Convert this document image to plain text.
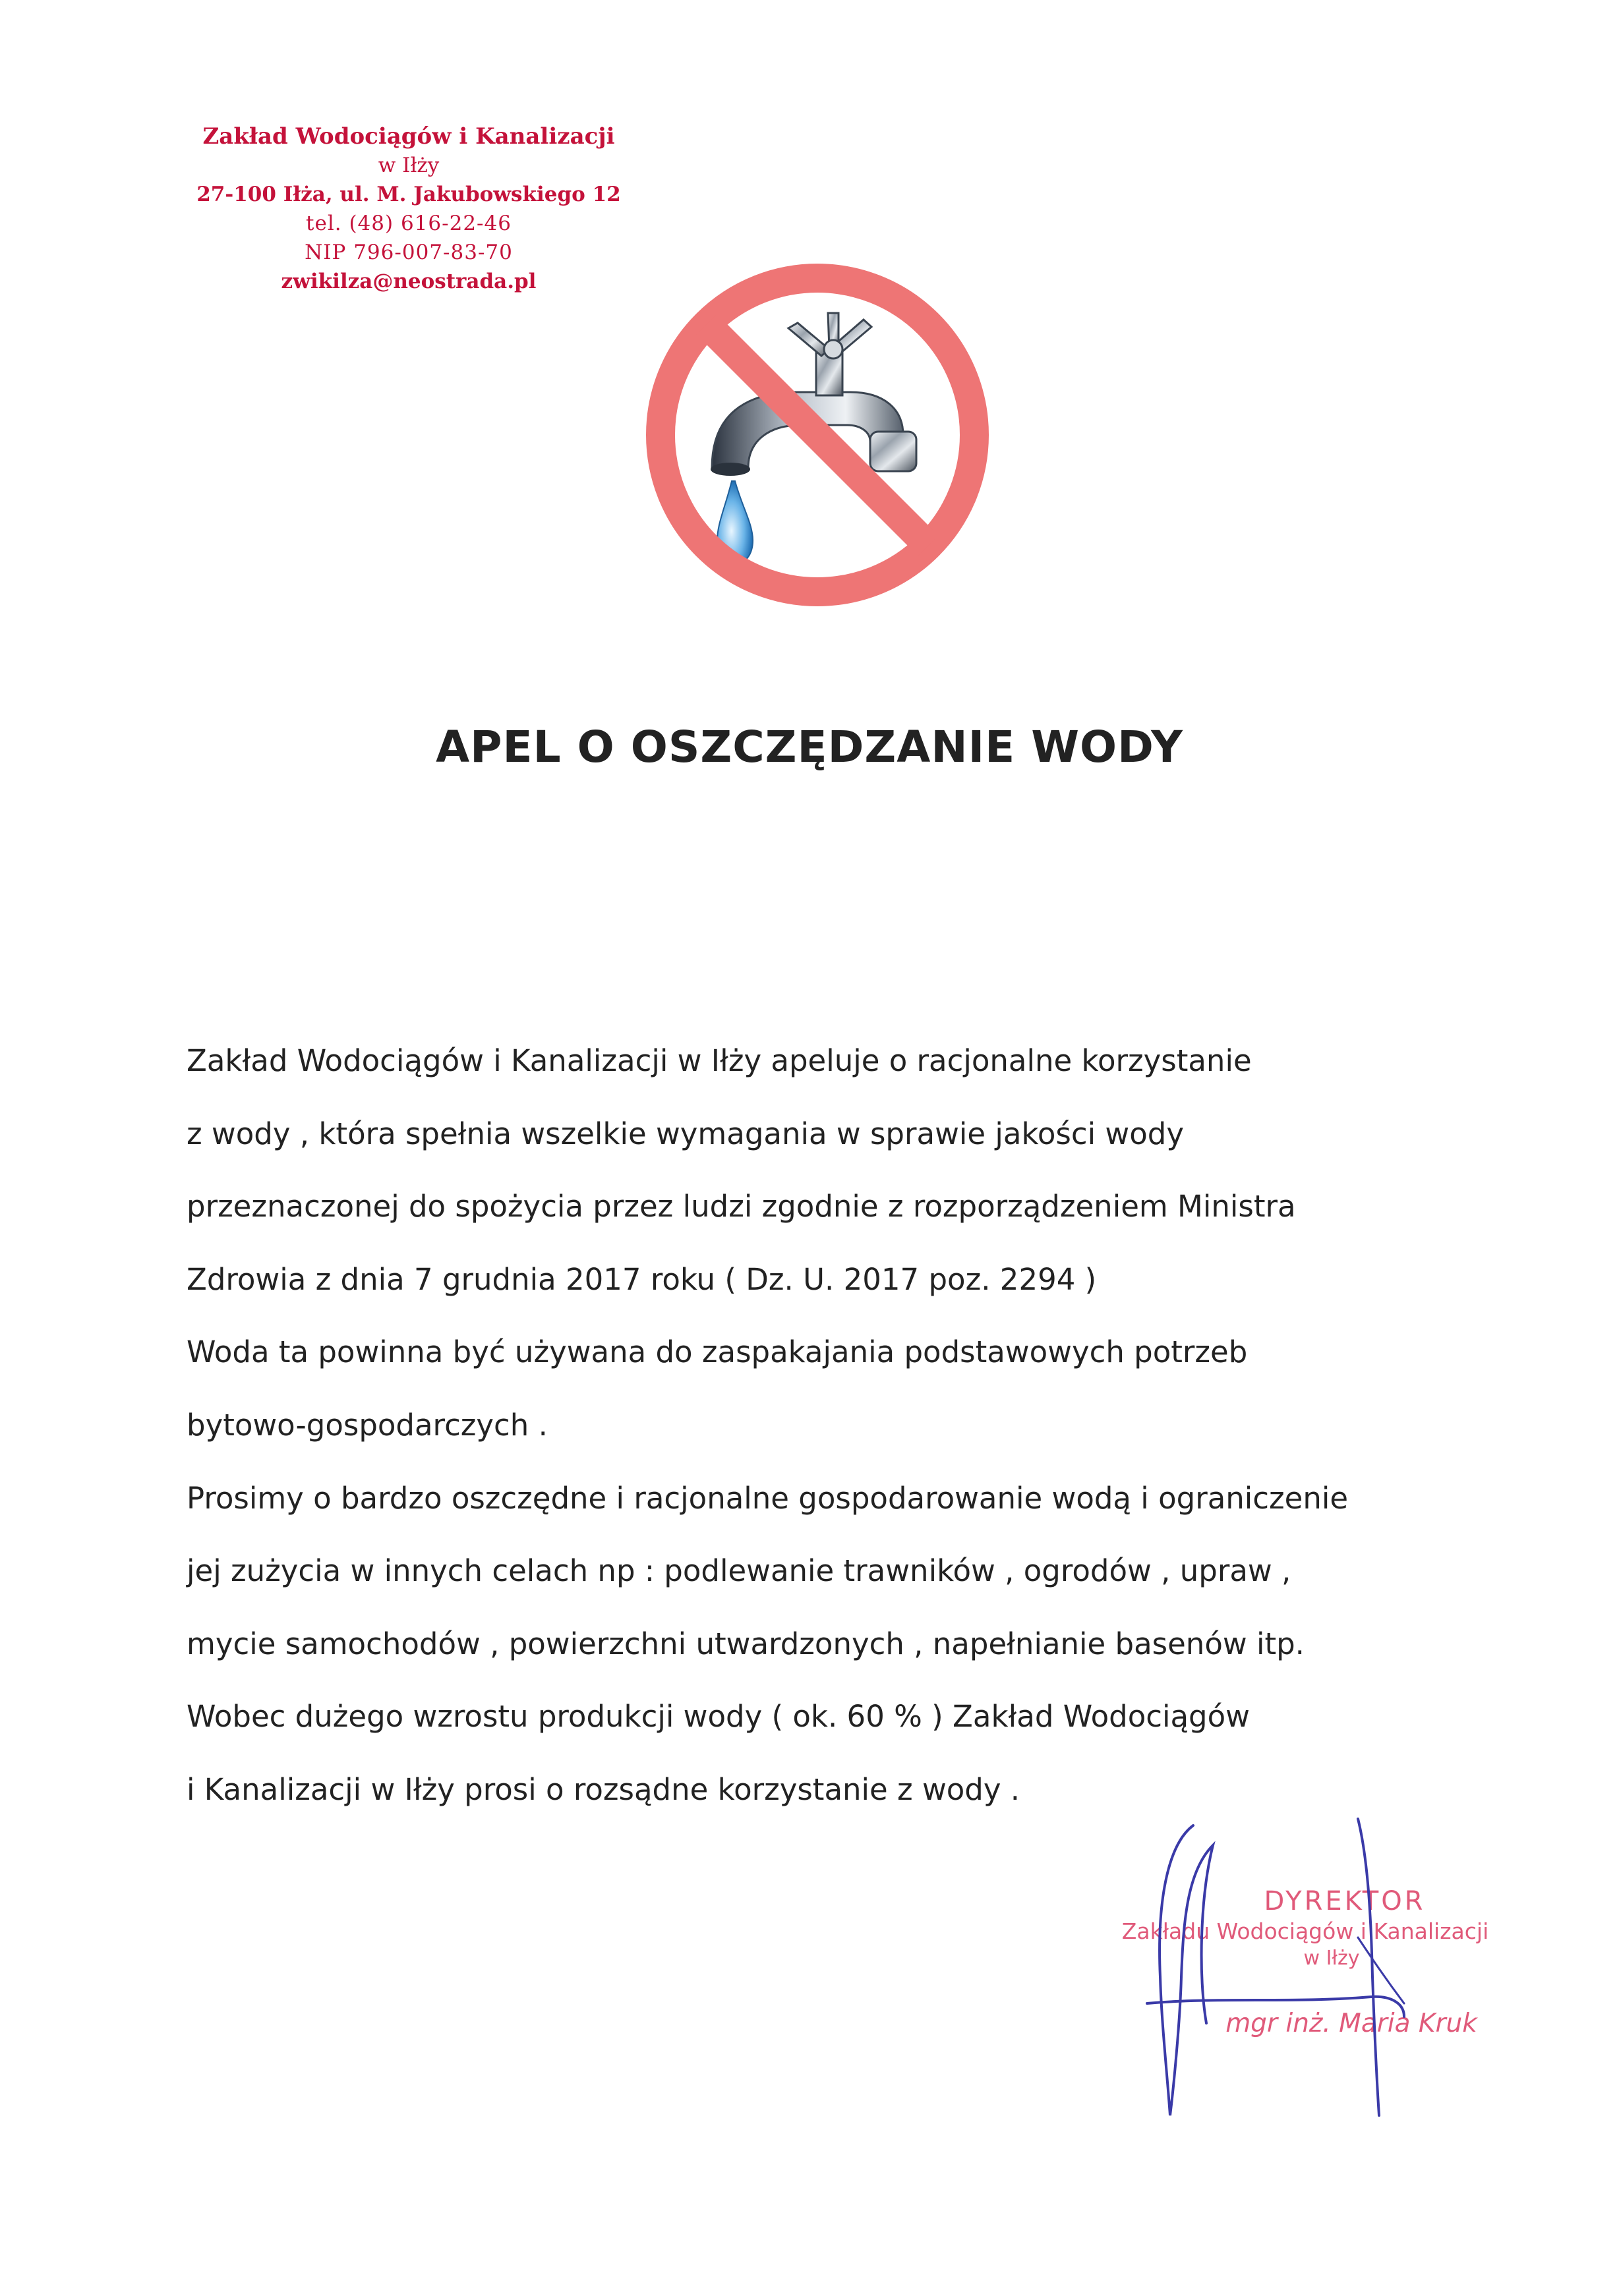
Zakład Wodociągów i Kanalizacji
w Iłży
27-100 Iłża, ul. M. Jakubowskiego 12
tel. (48) 616-22-46
NIP 796-007-83-70
zwikilza@neostrada.pl
APEL O OSZCZĘDZANIE WODY
Zakład Wodociągów i Kanalizacji w Iłży apeluje o racjonalne korzystanie
z wody , która spełnia wszelkie wymagania w sprawie jakości wody
przeznaczonej do spożycia przez ludzi zgodnie z rozporządzeniem Ministra
Zdrowia z dnia 7 grudnia 2017 roku ( Dz. U. 2017 poz. 2294 )
Woda ta powinna być używana do zaspakajania podstawowych potrzeb
bytowo-gospodarczych .
Prosimy o bardzo oszczędne i racjonalne gospodarowanie wodą i ograniczenie
jej zużycia w innych celach np : podlewanie trawników , ogrodów , upraw ,
mycie samochodów , powierzchni utwardzonych , napełnianie basenów itp.
Wobec dużego wzrostu produkcji wody ( ok. 60 % ) Zakład Wodociągów
i Kanalizacji w Iłży prosi o rozsądne korzystanie z wody .
DYREKTOR
Zakładu Wodociągów i Kanalizacji
w Iłży
mgr inż. Maria Kruk
